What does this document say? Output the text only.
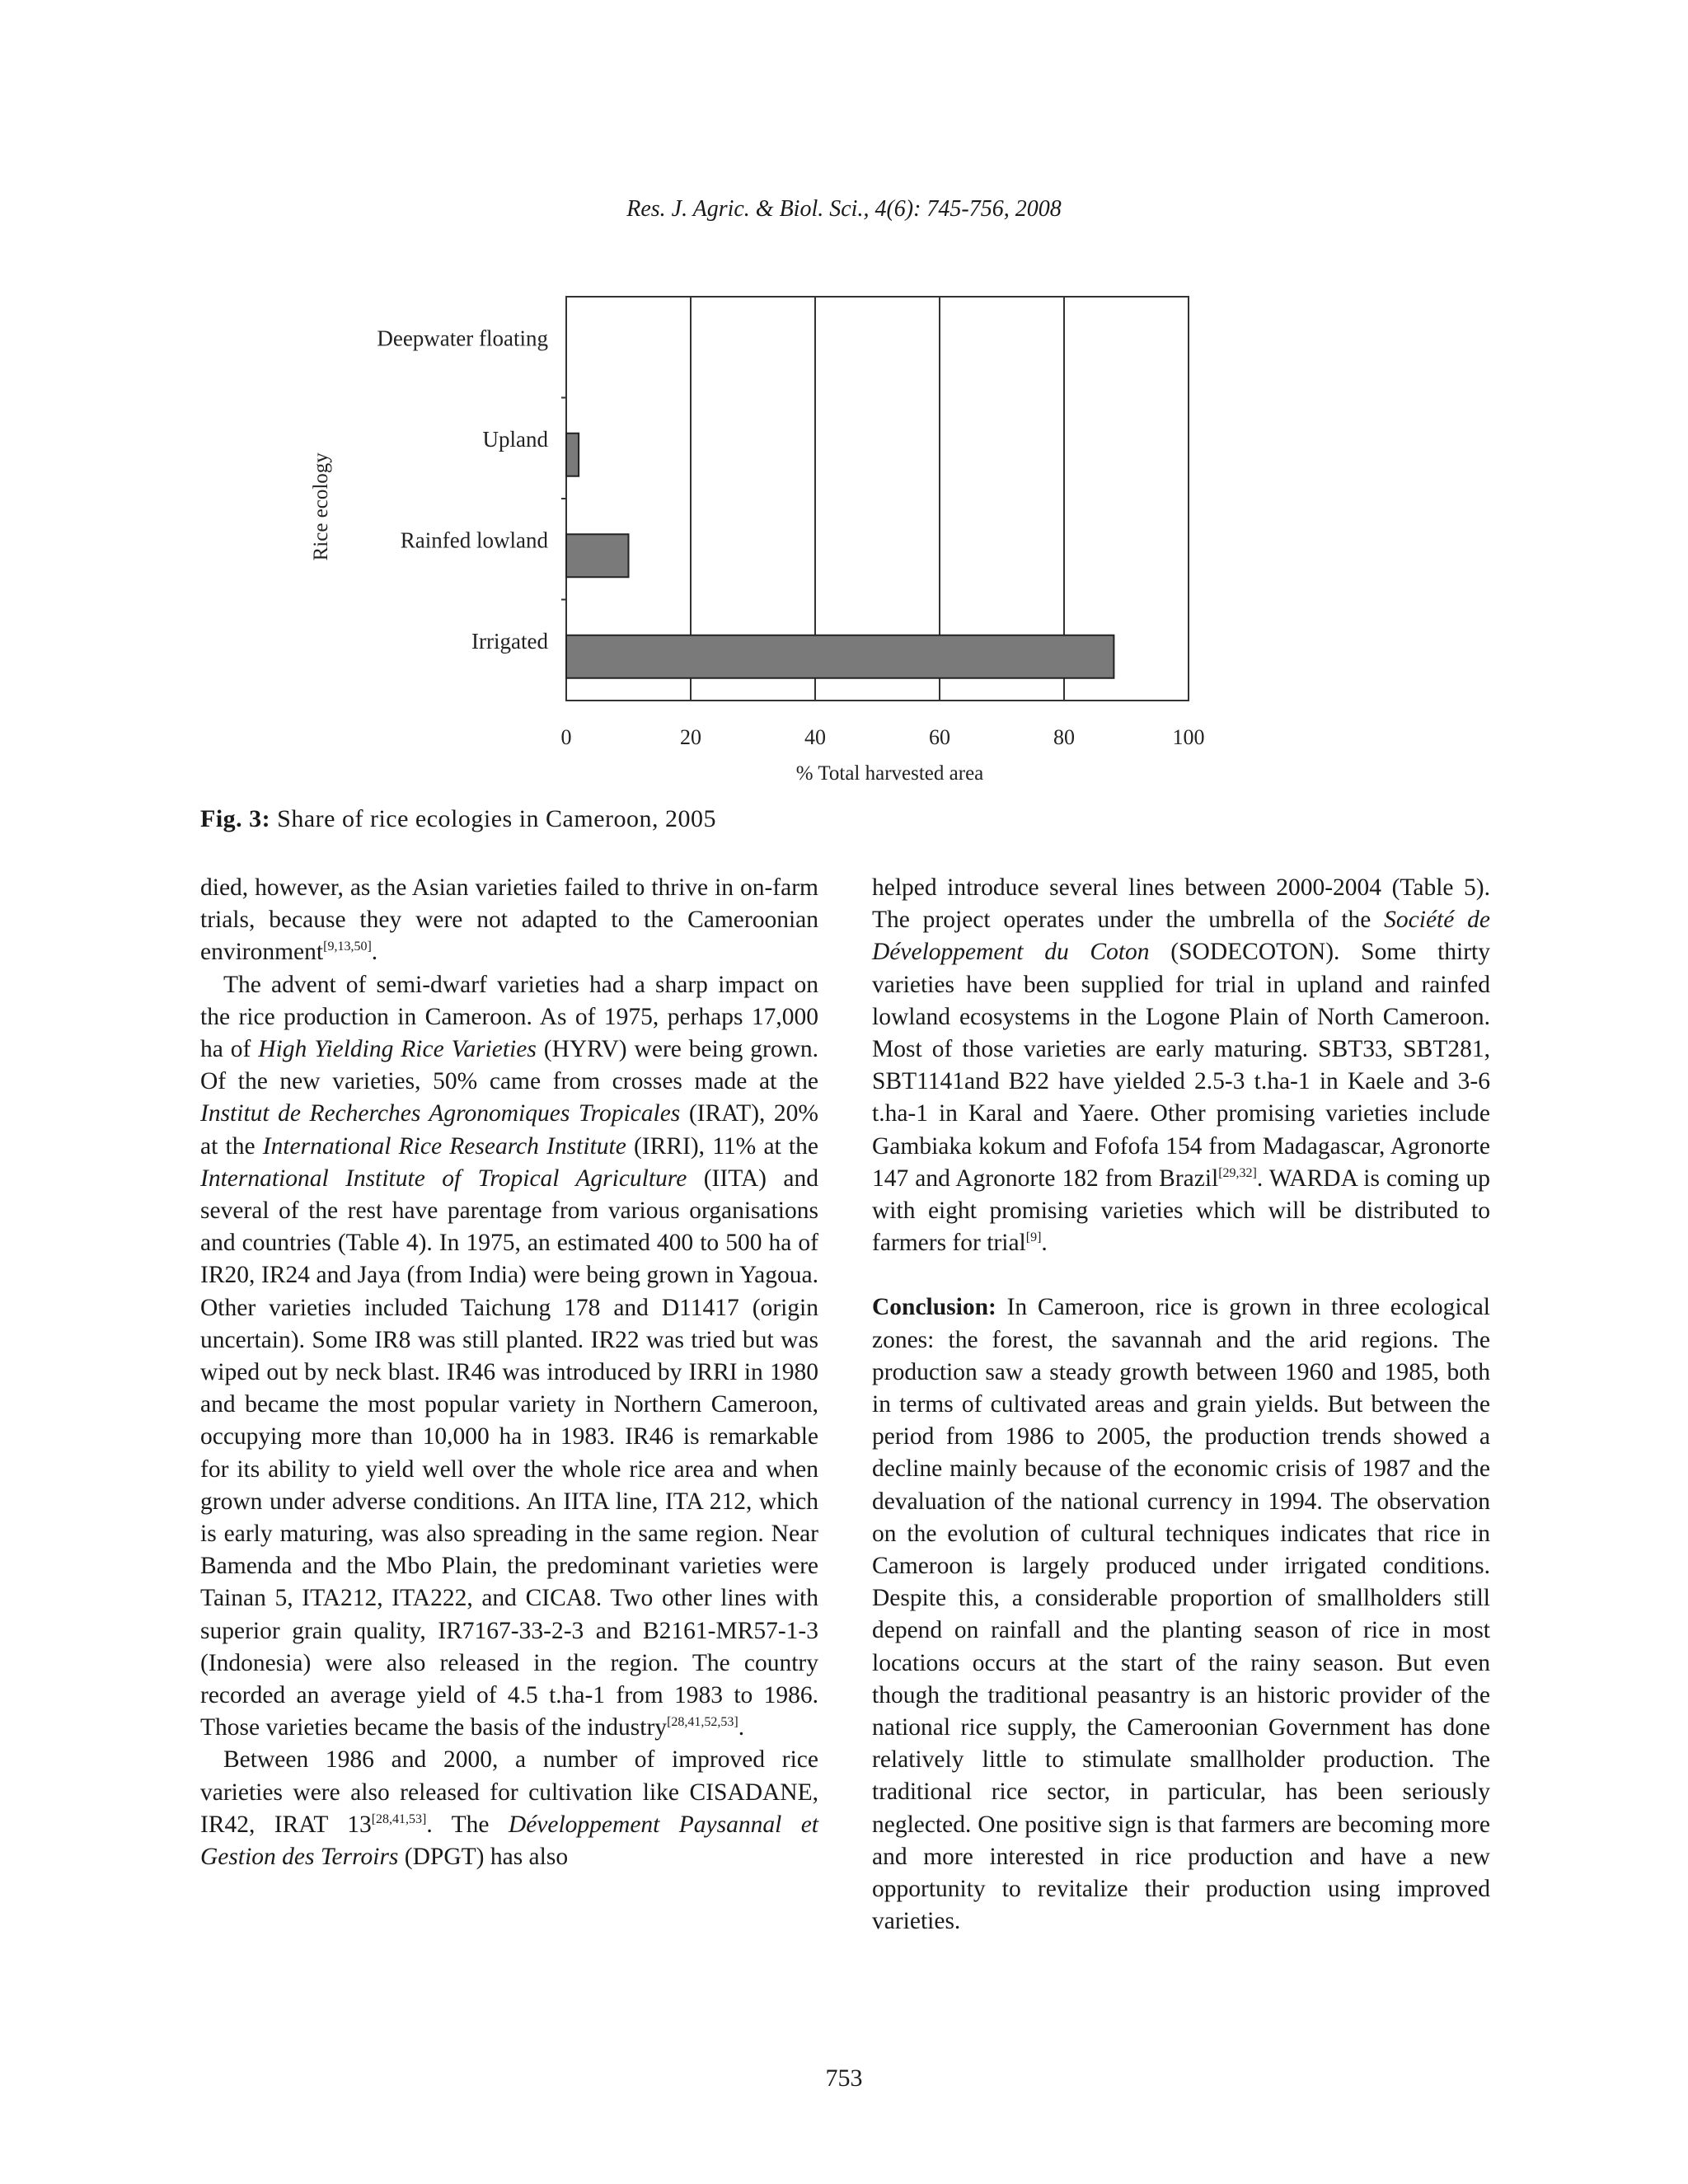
Res. J. Agric. & Biol. Sci., 4(6): 745-756, 2008
0	20	40	60	80	100
Deepwater floating
Upland
Rainfed lowland
Irrigated
% Total harvested area
Rice ecology
Fig. 3: Share of rice ecologies in Cameroon, 2005

died, however, as the Asian varieties failed to thrive in on-farm trials, because they were not adapted to the Cameroonian environment[9,13,50].

The advent of semi-dwarf varieties had a sharp impact on the rice production in Cameroon. As of 1975, perhaps 17,000 ha of High Yielding Rice Varieties (HYRV) were being grown. Of the new varieties, 50% came from crosses made at the Institut de Recherches Agronomiques Tropicales (IRAT), 20% at the International Rice Research Institute (IRRI), 11% at the International Institute of Tropical Agriculture (IITA) and several of the rest have parentage from various organisations and countries (Table 4). In 1975, an estimated 400 to 500 ha of IR20, IR24 and Jaya (from India) were being grown in Yagoua. Other varieties included Taichung 178 and D11417 (origin uncertain). Some IR8 was still planted. IR22 was tried but was wiped out by neck blast. IR46 was introduced by IRRI in 1980 and became the most popular variety in Northern Cameroon, occupying more than 10,000 ha in 1983. IR46 is remarkable for its ability to yield well over the whole rice area and when grown under adverse conditions. An IITA line, ITA 212, which is early maturing, was also spreading in the same region. Near Bamenda and the Mbo Plain, the predominant varieties were Tainan 5, ITA212, ITA222, and CICA8. Two other lines with superior grain quality, IR7167-33-2-3 and B2161-MR57-1-3 (Indonesia) were also released in the region. The country recorded an average yield of 4.5 t.ha-1 from 1983 to 1986. Those varieties became the basis of the industry[28,41,52,53].

Between 1986 and 2000, a number of improved rice varieties were also released for cultivation like CISADANE, IR42, IRAT 13[28,41,53]. The Développement Paysannal et Gestion des Terroirs (DPGT) has also

helped introduce several lines between 2000-2004 (Table 5). The project operates under the umbrella of the Société de Développement du Coton (SODECOTON). Some thirty varieties have been supplied for trial in upland and rainfed lowland ecosystems in the Logone Plain of North Cameroon. Most of those varieties are early maturing. SBT33, SBT281, SBT1141and B22 have yielded 2.5-3 t.ha-1 in Kaele and 3-6 t.ha-1 in Karal and Yaere. Other promising varieties include Gambiaka kokum and Fofofa 154 from Madagascar, Agronorte 147 and Agronorte 182 from Brazil[29,32]. WARDA is coming up with eight promising varieties which will be distributed to farmers for trial[9].

Conclusion: In Cameroon, rice is grown in three ecological zones: the forest, the savannah and the arid regions. The production saw a steady growth between 1960 and 1985, both in terms of cultivated areas and grain yields. But between the period from 1986 to 2005, the production trends showed a decline mainly because of the economic crisis of 1987 and the devaluation of the national currency in 1994. The observation on the evolution of cultural techniques indicates that rice in Cameroon is largely produced under irrigated conditions. Despite this, a considerable proportion of smallholders still depend on rainfall and the planting season of rice in most locations occurs at the start of the rainy season. But even though the traditional peasantry is an historic provider of the national rice supply, the Cameroonian Government has done relatively little to stimulate smallholder production. The traditional rice sector, in particular, has been seriously neglected. One positive sign is that farmers are becoming more and more interested in rice production and have a new opportunity to revitalize their production using improved varieties.

753
